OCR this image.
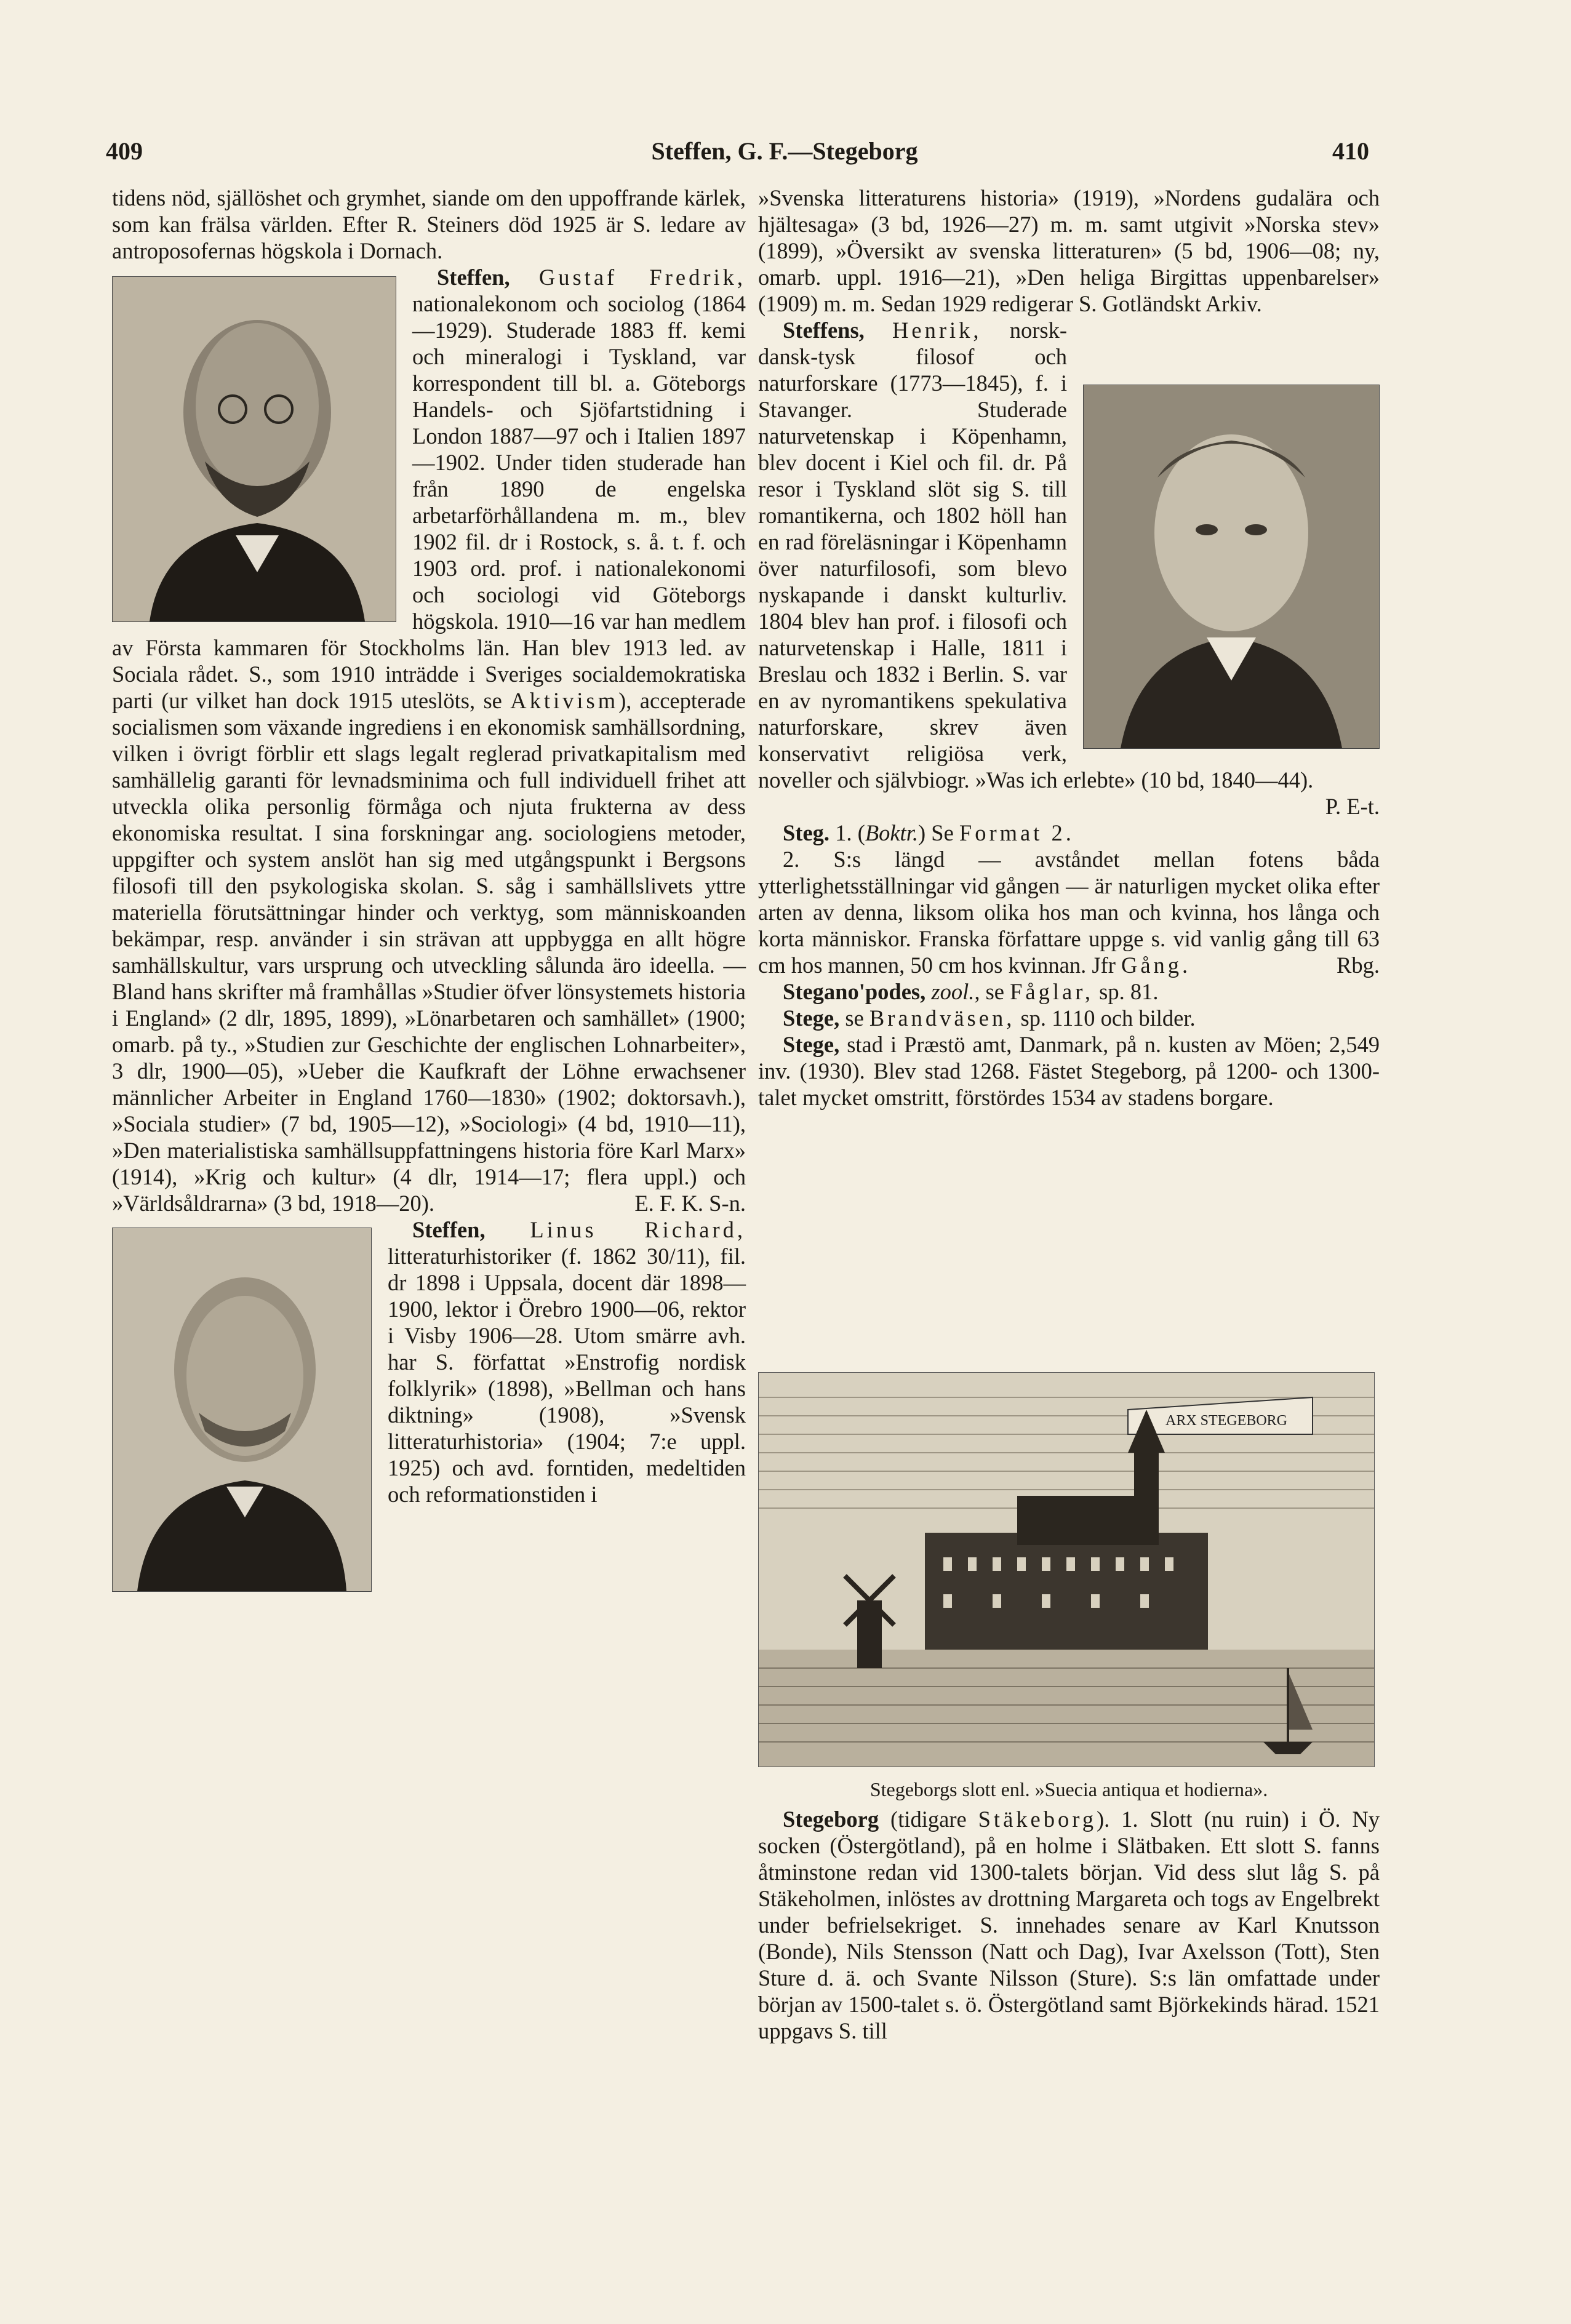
409	Steffen, G. F.—Stegeborg	410

tidens nöd, själlöshet och grymhet, siande om den uppoffrande kärlek, som kan frälsa världen. Efter R. Steiners död 1925 är S. ledare av antroposofernas högskola i Dornach.

Steffen, Gustaf Fredrik,
nationalekonom och sociolog (1864—1929). Studerade 1883 ff. kemi och mineralogi i Tyskland, var korrespondent till bl. a. Göteborgs Handels- och Sjöfartstidning i London 1887—97 och i Italien 1897—1902. Under tiden studerade han från 1890 de engelska arbetarförhållandena m. m., blev 1902 fil. dr i Rostock, s. å. t. f. och 1903 ord. prof. i nationalekonomi och sociologi vid Göteborgs högskola. 1910—16 var han medlem av Första kammaren för Stockholms län. Han blev 1913 led. av Sociala rådet. S., som 1910 inträdde i Sveriges socialdemokratiska parti (ur vilket han dock 1915 uteslöts, se Aktivism), accepterade socialismen som växande ingrediens i en ekonomisk samhällsordning, vilken i övrigt förblir ett slags legalt reglerad privatkapitalism med samhällelig garanti för levnadsminima och full individuell frihet att utveckla olika personlig förmåga och njuta frukterna av dess ekonomiska resultat. I sina forskningar ang. sociologiens metoder, uppgifter och system anslöt han sig med utgångspunkt i Bergsons filosofi till den psykologiska skolan. S. såg i samhällslivets yttre materiella förutsättningar hinder och verktyg, som människoanden bekämpar, resp. använder i sin strävan att uppbygga en allt högre samhällskultur, vars ursprung och utveckling sålunda äro ideella. — Bland hans skrifter må framhållas »Studier öfver lönsystemets historia i England» (2 dlr, 1895, 1899), »Lönarbetaren och samhället» (1900; omarb. på ty., »Studien zur Geschichte der englischen Lohnarbeiter», 3 dlr, 1900—05), »Ueber die Kaufkraft der Löhne erwachsener männlicher Arbeiter in England 1760—1830» (1902; doktorsavh.), »Sociala studier» (7 bd, 1905—12), »Sociologi» (4 bd, 1910—11), »Den materialistiska samhällsuppfattningens historia före Karl Marx» (1914), »Krig och kultur» (4 dlr, 1914—17; flera uppl.) och »Världsåldrarna» (3 bd, 1918—20).	E. F. K. S-n.

Steffen, Linus Richard,
litteraturhistoriker (f. 1862 30/11), fil. dr 1898 i Uppsala, docent där 1898—1900, lektor i Örebro 1900—06, rektor i Visby 1906—28. Utom smärre avh. har S. författat »Enstrofig nordisk folklyrik» (1898), »Bellman och hans diktning» (1908), »Svensk litteraturhistoria» (1904; 7:e uppl. 1925) och avd. forntiden, medeltiden och reformationstiden i

»Svenska litteraturens historia» (1919), »Nordens gudalära och hjältesaga» (3 bd, 1926—27) m. m. samt utgivit »Norska stev» (1899), »Översikt av svenska litteraturen» (5 bd, 1906—08; ny, omarb. uppl. 1916—21), »Den heliga Birgittas uppenbarelser» (1909) m. m. Sedan 1929 redigerar S. Gotländskt Arkiv.

Steffens, Henrik, norsk-dansk-tysk filosof och naturforskare (1773—1845), f. i Stavanger. Studerade naturvetenskap i Köpenhamn, blev docent i Kiel och fil. dr. På resor i Tyskland slöt sig S. till romantikerna, och 1802 höll han en rad föreläsningar i Köpenhamn över naturfilosofi, som blevo nyskapande i danskt kulturliv. 1804 blev han prof. i filosofi och naturvetenskap i Halle, 1811 i Breslau och 1832 i Berlin. S. var en av nyromantikens spekulativa naturforskare, skrev även konservativt religiösa verk, noveller och självbiogr. »Was ich erlebte» (10 bd, 1840—44).
P. E-t.

Steg. 1. (Boktr.) Se Format 2.

2. S:s längd — avståndet mellan fotens båda ytterlighetsställningar vid gången — är naturligen mycket olika efter arten av denna, liksom olika hos man och kvinna, hos långa och korta människor. Franska författare uppge s. vid vanlig gång till 63 cm hos mannen, 50 cm hos kvinnan. Jfr Gång.	Rbg.

Stegano'podes, zool., se Fåglar, sp. 81.

Stege, se Brandväsen, sp. 1110 och bilder.

Stege, stad i Præstö amt, Danmark, på n. kusten av Möen; 2,549 inv. (1930). Blev stad 1268. Fästet Stegeborg, på 1200- och 1300-talet mycket omstritt, förstördes 1534 av stadens borgare.

ARX STEGEBORG
Stegeborgs slott enl. »Suecia antiqua et hodierna».
Stegeborg (tidigare Stäkeborg). 1. Slott (nu ruin) i Ö. Ny socken (Östergötland), på en holme i Slätbaken. Ett slott S. fanns åtminstone redan vid 1300-talets början. Vid dess slut låg S. på Stäkeholmen, inlöstes av drottning Margareta och togs av Engelbrekt under befrielsekriget. S. innehades senare av Karl Knutsson (Bonde), Nils Stensson (Natt och Dag), Ivar Axelsson (Tott), Sten Sture d. ä. och Svante Nilsson (Sture). S:s län omfattade under början av 1500-talet s. ö. Östergötland samt Björkekinds härad. 1521 uppgavs S. till
